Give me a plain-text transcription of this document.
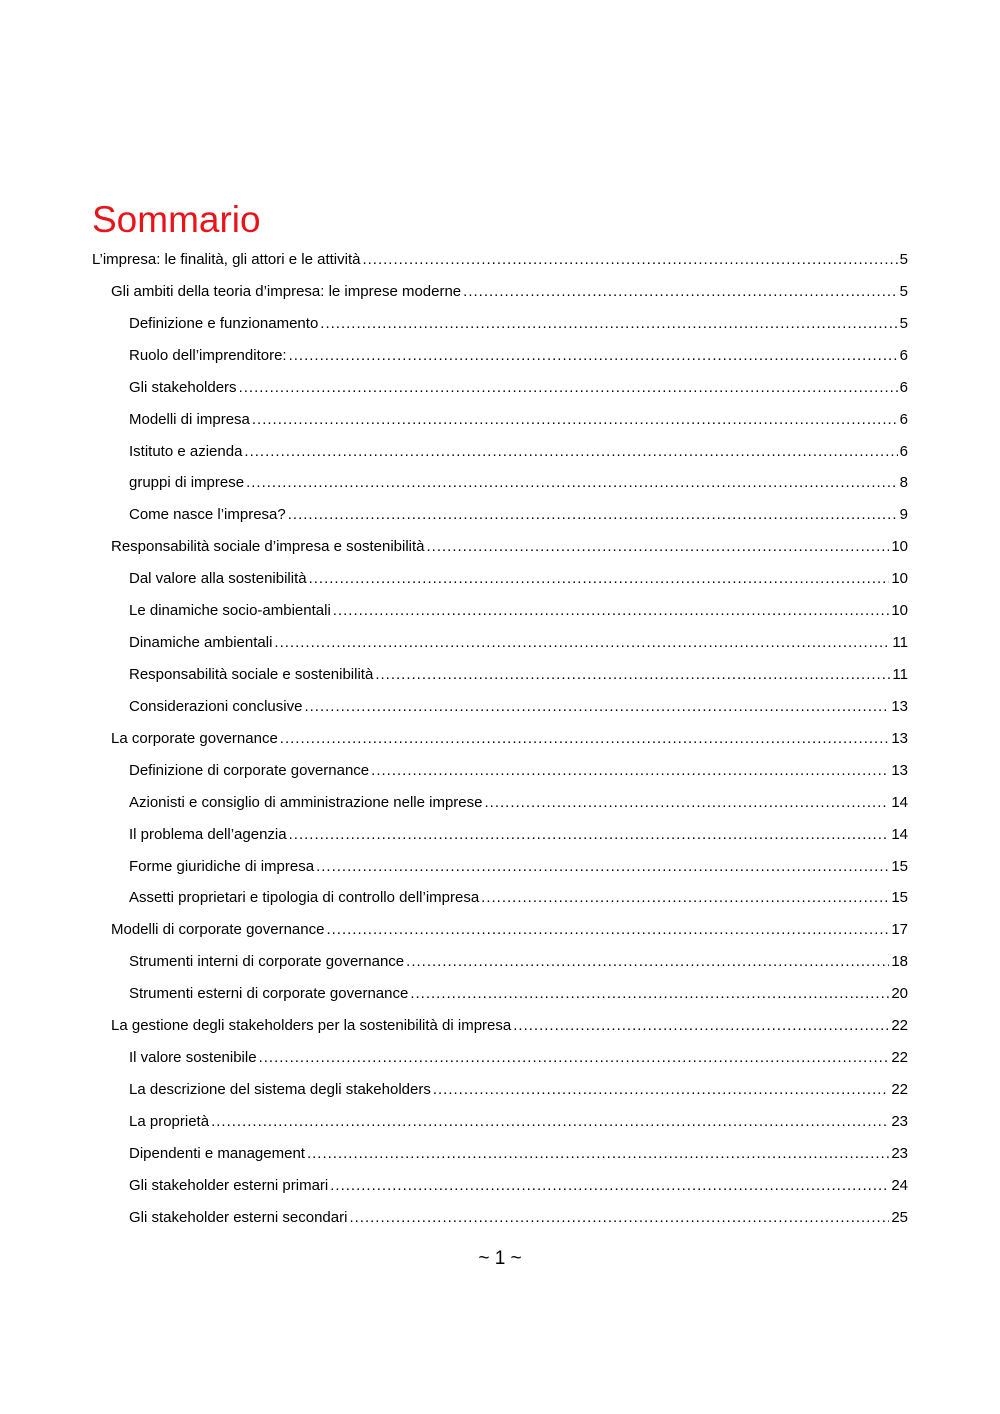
Sommario
L’impresa: le finalità, gli attori e le attività .....	5
Gli ambiti della teoria d’impresa: le imprese moderne .....	5
Definizione e funzionamento .....	5
Ruolo dell’imprenditore: .....	6
Gli stakeholders .....	6
Modelli di impresa .....	6
Istituto e azienda .....	6
gruppi di imprese .....	8
Come nasce l’impresa? .....	9
Responsabilità sociale d’impresa e sostenibilità .....	10
Dal valore alla sostenibilità .....	10
Le dinamiche socio-ambientali .....	10
Dinamiche ambientali .....	11
Responsabilità sociale e sostenibilità .....	11
Considerazioni conclusive .....	13
La corporate governance .....	13
Definizione di corporate governance .....	13
Azionisti e consiglio di amministrazione nelle imprese .....	14
Il problema dell’agenzia .....	14
Forme giuridiche di impresa .....	15
Assetti proprietari e tipologia di controllo dell’impresa .....	15
Modelli di corporate governance .....	17
Strumenti interni di corporate governance .....	18
Strumenti esterni di corporate governance .....	20
La gestione degli stakeholders per la sostenibilità di impresa .....	22
Il valore sostenibile .....	22
La descrizione del sistema degli stakeholders .....	22
La proprietà .....	23
Dipendenti e management .....	23
Gli stakeholder esterni primari .....	24
Gli stakeholder esterni secondari .....	25
~ 1 ~
